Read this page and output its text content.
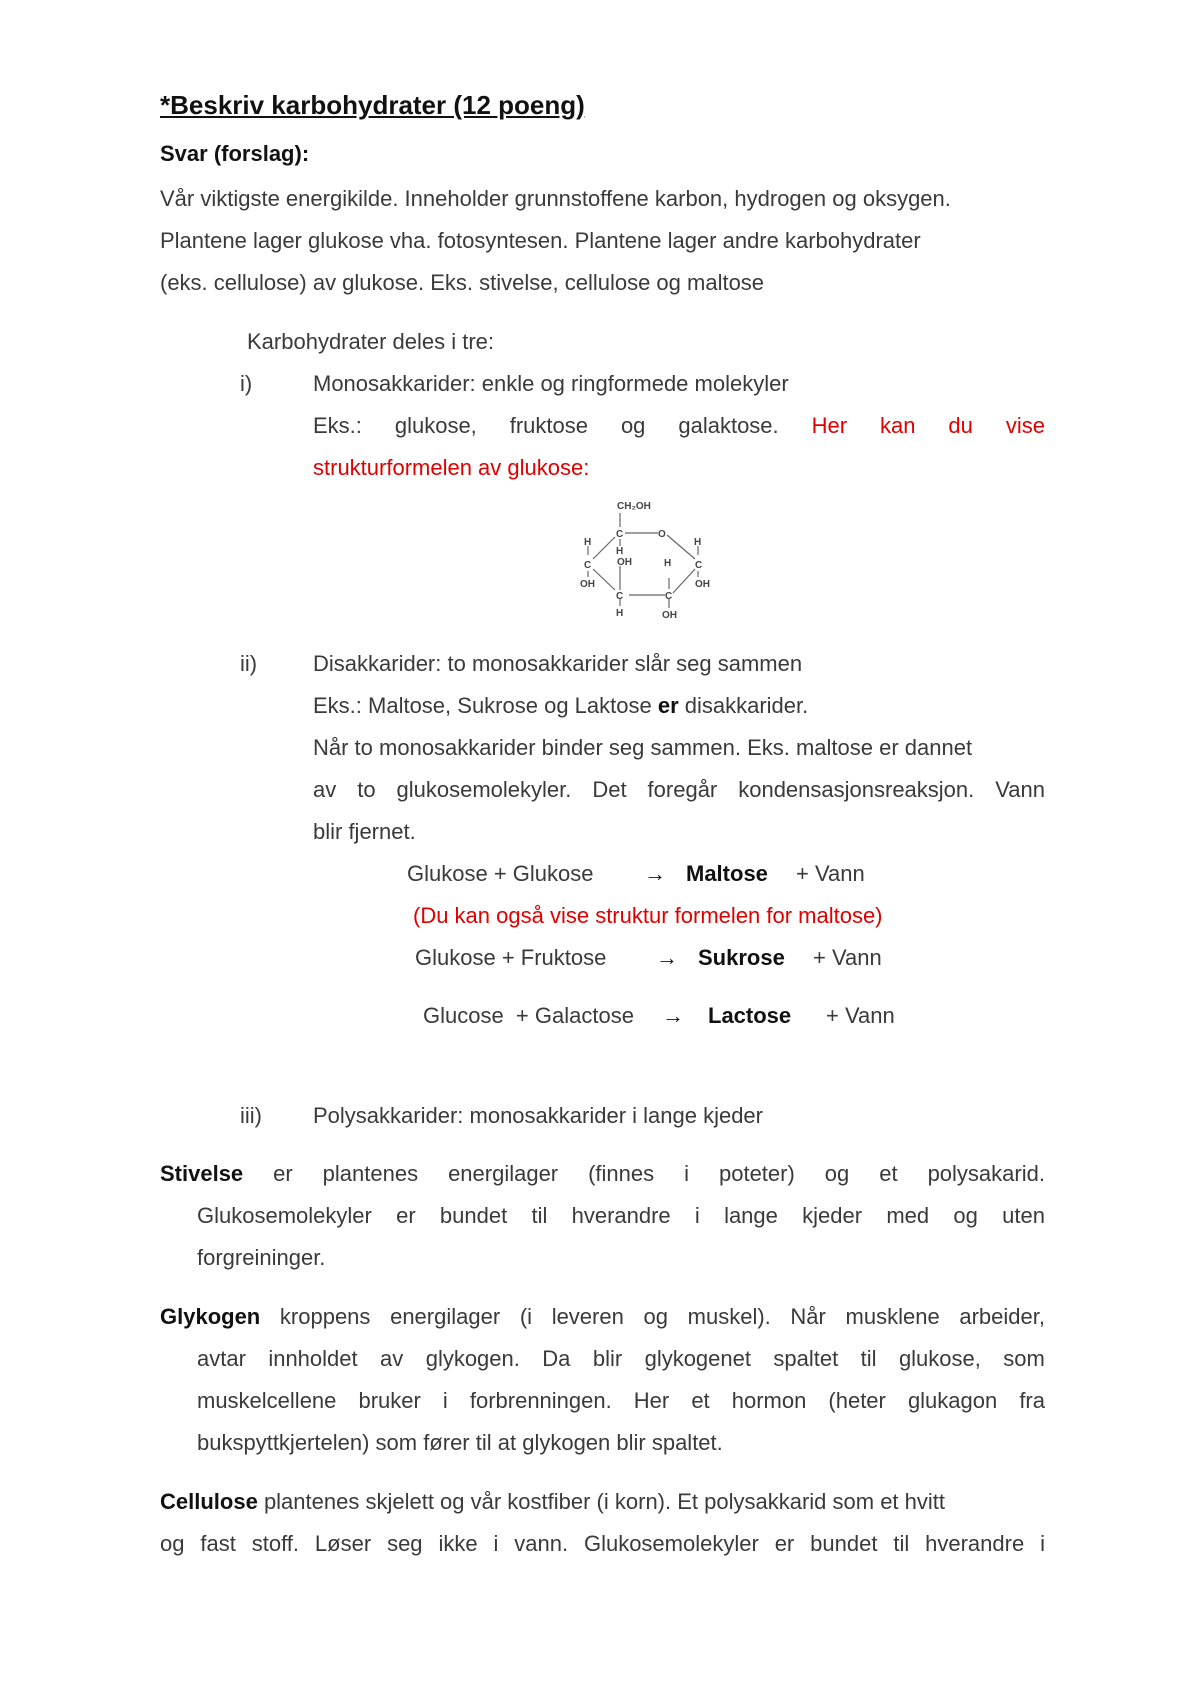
*Beskriv karbohydrater (12 poeng)
Svar (forslag):
Vår viktigste energikilde. Inneholder grunnstoffene karbon, hydrogen og oksygen.
Plantene lager glukose vha. fotosyntesen. Plantene lager andre karbohydrater
(eks. cellulose) av glukose. Eks. stivelse, cellulose og maltose
Karbohydrater deles i tre:
i)	Monosakkarider: enkle og ringformede molekyler
Eks.: glukose, fruktose og galaktose. Her kan du vise
strukturformelen av glukose:
CH₂OH
C	O
H
H
H
C	OH	H C
OH	OH
C	C
H	OH
ii)	Disakkarider: to monosakkarider slår seg sammen
Eks.: Maltose, Sukrose og Laktose er disakkarider.
Når to monosakkarider binder seg sammen. Eks. maltose er dannet
av to glukosemolekyler. Det foregår kondensasjonsreaksjon. Vann
blir fjernet.
Glukose + Glukose → Maltose + Vann
(Du kan også vise struktur formelen for maltose)
Glukose + Fruktose → Sukrose + Vann
Glucose  + Galactose → Lactose + Vann
iii) Polysakkarider: monosakkarider i lange kjeder
Stivelse er plantenes energilager (finnes i poteter) og et polysakarid.
Glukosemolekyler er bundet til hverandre i lange kjeder med og uten
forgreininger.
Glykogen kroppens energilager (i leveren og muskel). Når musklene arbeider,
avtar innholdet av glykogen. Da blir glykogenet spaltet til glukose, som
muskelcellene bruker i forbrenningen. Her et hormon (heter glukagon fra
bukspyttkjertelen) som fører til at glykogen blir spaltet.
Cellulose plantenes skjelett og vår kostfiber (i korn). Et polysakkarid som et hvitt
og fast stoff. Løser seg ikke i vann. Glukosemolekyler er bundet til hverandre i
